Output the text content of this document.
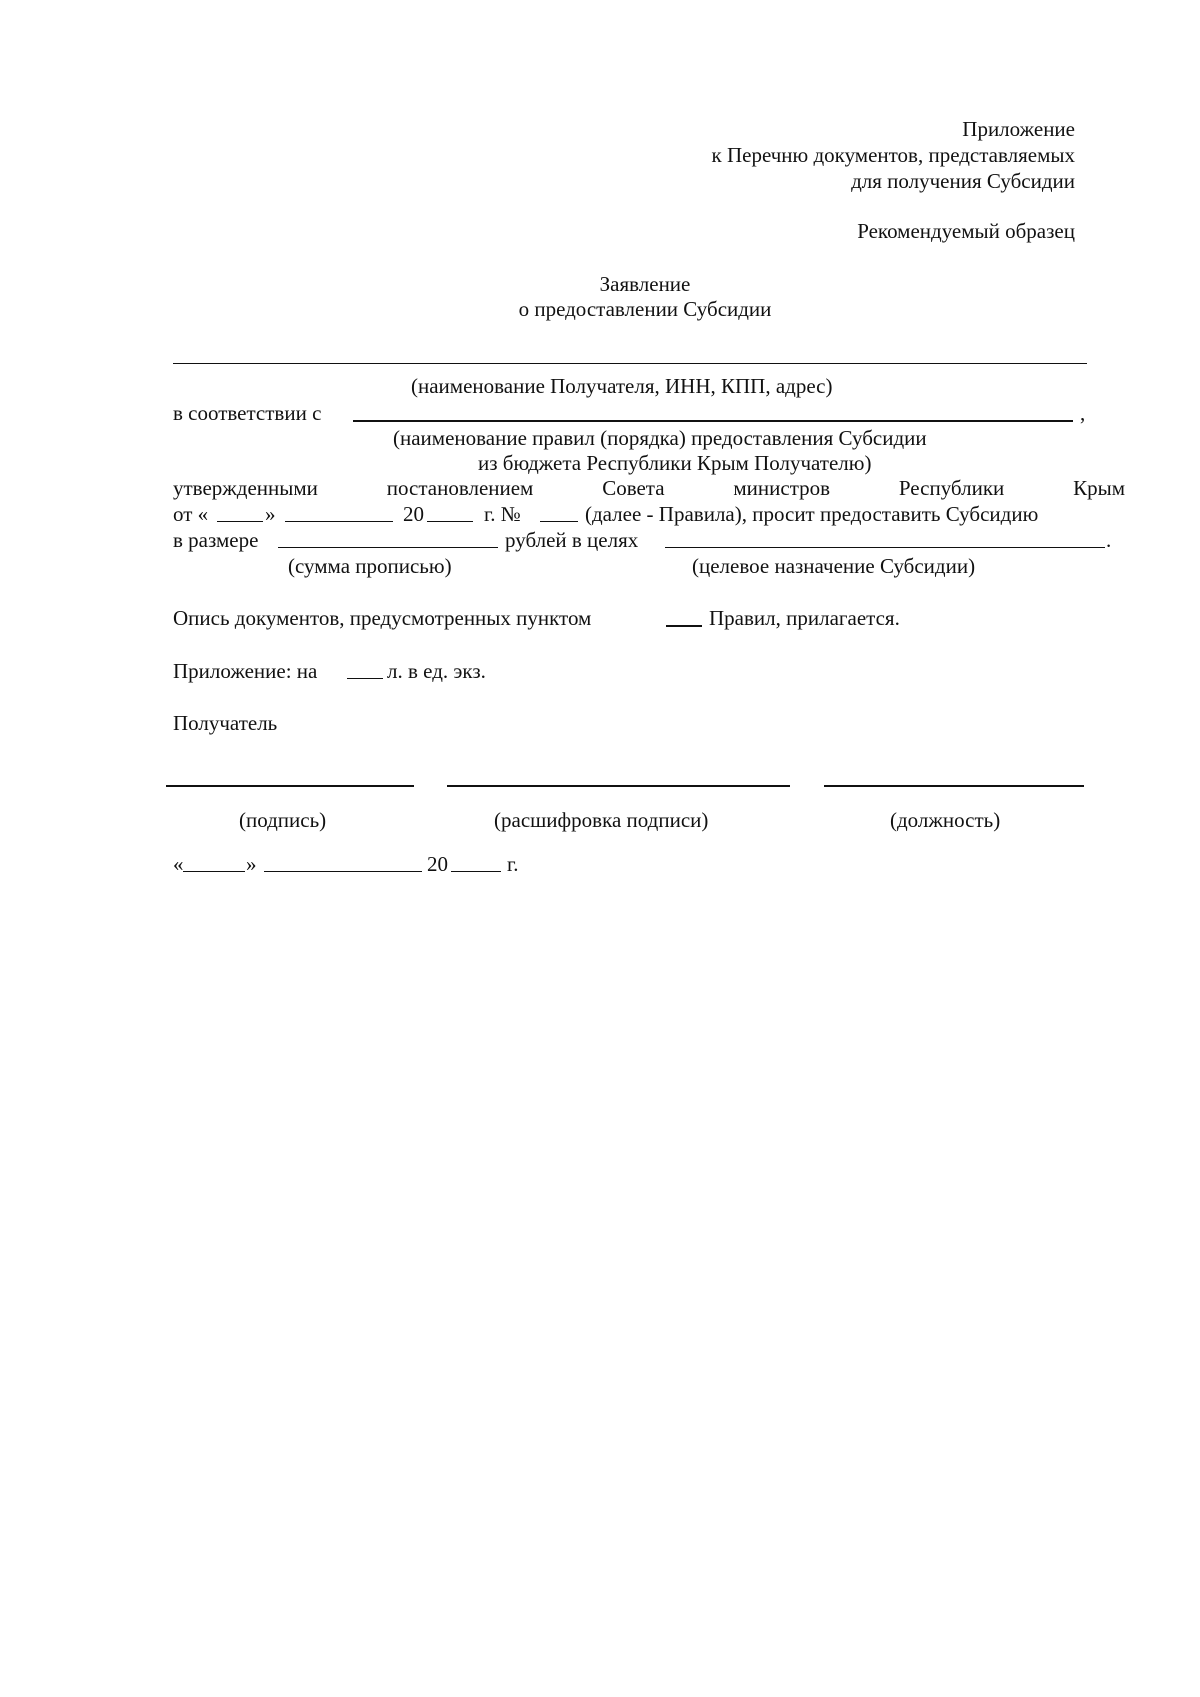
Приложение
к Перечню документов, представляемых
для получения Субсидии
Рекомендуемый образец
Заявление
о предоставлении Субсидии
(наименование Получателя, ИНН, КПП, адрес)
в соответствии с	,
(наименование правил (порядка) предоставления Субсидии
из бюджета Республики Крым Получателю)
утвержденными	постановлением	Совета	министров	Республики	Крым
от «	»	20	г. №	(далее - Правила), просит предоставить Субсидию
в размере	рублей в целях	.
(сумма прописью)	(целевое назначение Субсидии)
Опись документов, предусмотренных пунктом	Правил, прилагается.
Приложение: на	л. в ед. экз.
Получатель
(подпись)	(расшифровка подписи)	(должность)
«	»	20	г.
